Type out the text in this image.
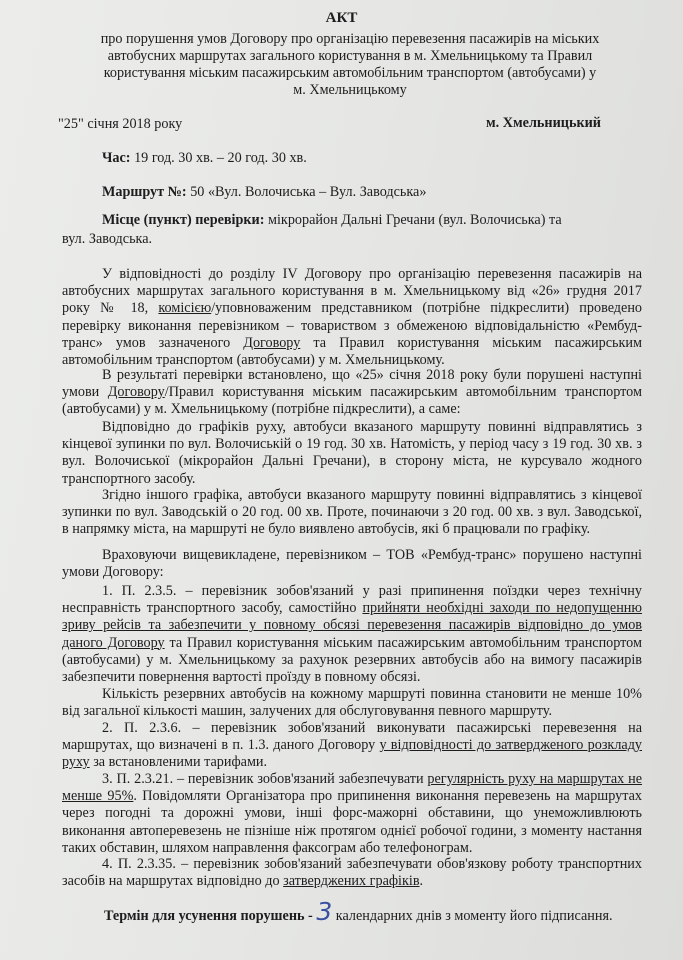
АКТ
про порушення умов Договору про організацію перевезення пасажирів на міських
автобусних маршрутах загального користування в м. Хмельницькому та Правил
користування міським пасажирським автомобільним транспортом (автобусами) у
м. Хмельницькому
"25" січня 2018 року	м. Хмельницький
Час: 19 год. 30 хв. – 20 год. 30 хв.
Маршрут №: 50 «Вул. Волочиська – Вул. Заводська»
Місце (пункт) перевірки: мікрорайон Дальні Гречани (вул. Волочиська) та
вул. Заводська.
У відповідності до розділу IV Договору про організацію перевезення пасажирів на автобусних маршрутах загального користування в м. Хмельницькому від «26» грудня 2017 року № 18, комісією/уповноваженим представником (потрібне підкреслити) проведено перевірку виконання перевізником – товариством з обмеженою відповідальністю «Рембуд-транс» умов зазначеного Договору та Правил користування міським пасажирським автомобільним транспортом (автобусами) у м. Хмельницькому.
В результаті перевірки встановлено, що «25» січня 2018 року були порушені наступні умови Договору/Правил користування міським пасажирським автомобільним транспортом (автобусами) у м. Хмельницькому (потрібне підкреслити), а саме:
Відповідно до графіків руху, автобуси вказаного маршруту повинні відправлятись з кінцевої зупинки по вул. Волочиській о 19 год. 30 хв. Натомість, у період часу з 19 год. 30 хв. з вул. Волочиської (мікрорайон Дальні Гречани), в сторону міста, не курсувало жодного транспортного засобу.
Згідно іншого графіка, автобуси вказаного маршруту повинні відправлятись з кінцевої зупинки по вул. Заводській о 20 год. 00 хв. Проте, починаючи з 20 год. 00 хв. з вул. Заводської, в напрямку міста, на маршруті не було виявлено автобусів, які б працювали по графіку.
Враховуючи вищевикладене, перевізником – ТОВ «Рембуд-транс» порушено наступні умови Договору:
1. П. 2.3.5. – перевізник зобов'язаний у разі припинення поїздки через технічну несправність транспортного засобу, самостійно прийняти необхідні заходи по недопущенню зриву рейсів та забезпечити у повному обсязі перевезення пасажирів відповідно до умов даного Договору та Правил користування міським пасажирським автомобільним транспортом (автобусами) у м. Хмельницькому за рахунок резервних автобусів або на вимогу пасажирів забезпечити повернення вартості проїзду в повному обсязі.
Кількість резервних автобусів на кожному маршруті повинна становити не менше 10% від загальної кількості машин, залучених для обслуговування певного маршруту.
2. П. 2.3.6. – перевізник зобов'язаний виконувати пасажирські перевезення на маршрутах, що визначені в п. 1.3. даного Договору у відповідності до затвердженого розкладу руху за встановленими тарифами.
3. П. 2.3.21. – перевізник зобов'язаний забезпечувати регулярність руху на маршрутах не менше 95%. Повідомляти Організатора про припинення виконання перевезень на маршрутах через погодні та дорожні умови, інші форс-мажорні обставини, що унеможливлюють виконання автоперевезень не пізніше ніж протягом однієї робочої години, з моменту настання таких обставин, шляхом направлення факсограм або телефонограм.
4. П. 2.3.35. – перевізник зобов'язаний забезпечувати обов'язкову роботу транспортних засобів на маршрутах відповідно до затверджених графіків.
Термін для усунення порушень - 3 календарних днів з моменту його підписання.
